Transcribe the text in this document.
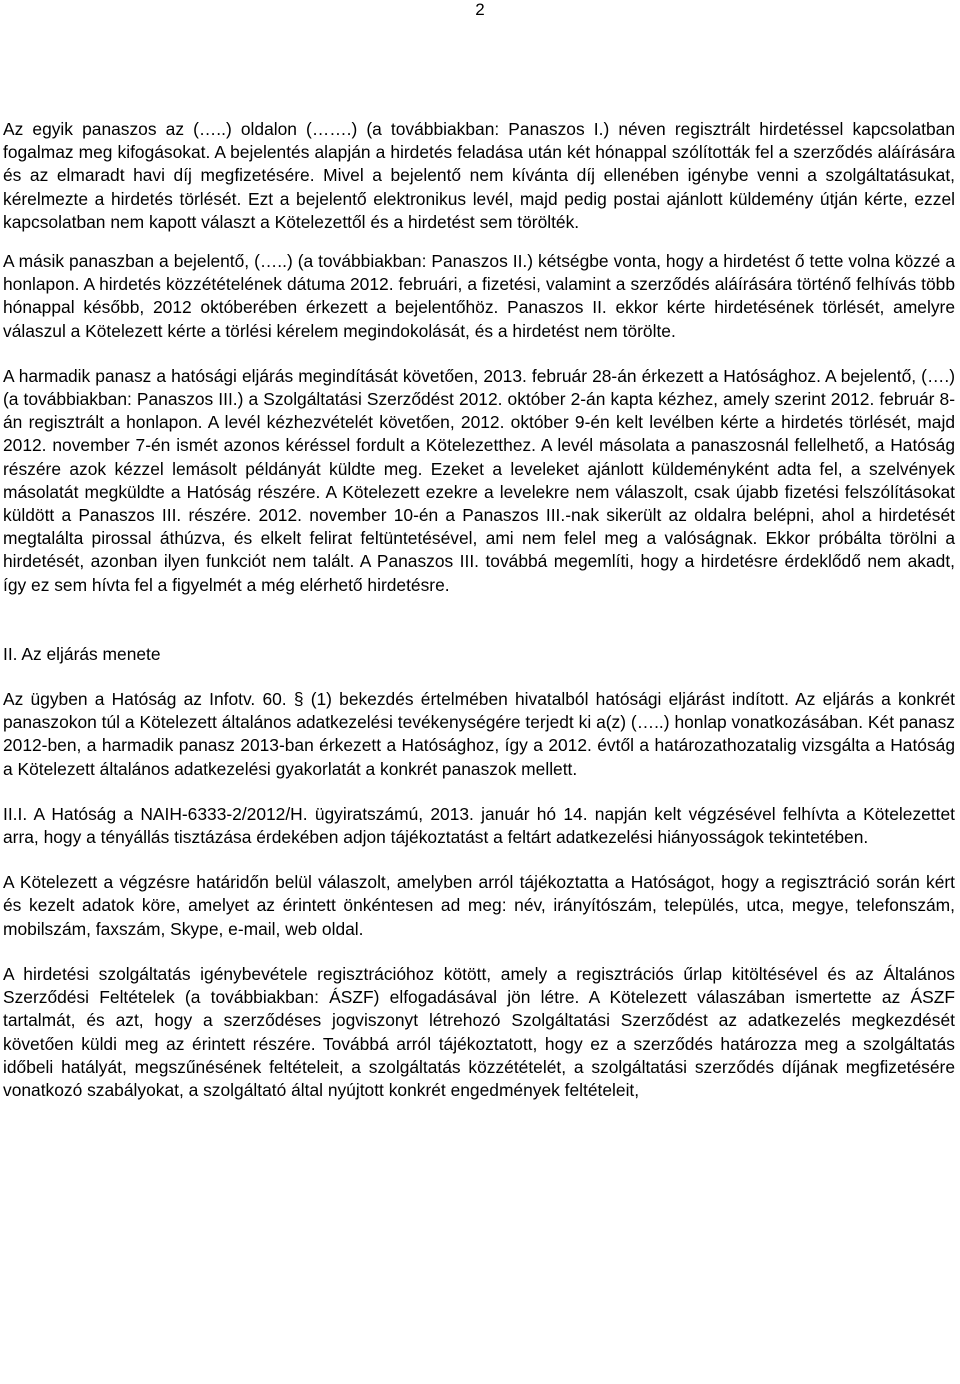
2

Az egyik panaszos az (…..) oldalon (…….) (a továbbiakban: Panaszos I.) néven regisztrált hirdetéssel kapcsolatban fogalmaz meg kifogásokat. A bejelentés alapján a hirdetés feladása után két hónappal szólították fel a szerződés aláírására és az elmaradt havi díj megfizetésére. Mivel a bejelentő nem kívánta díj ellenében igénybe venni a szolgáltatásukat, kérelmezte a hirdetés törlését. Ezt a bejelentő elektronikus levél, majd pedig postai ajánlott küldemény útján kérte, ezzel kapcsolatban nem kapott választ a Kötelezettől és a hirdetést sem törölték.

A másik panaszban a bejelentő, (…..) (a továbbiakban: Panaszos II.) kétségbe vonta, hogy a hirdetést ő tette volna közzé a honlapon. A hirdetés közzétételének dátuma 2012. februári, a fizetési, valamint a szerződés aláírására történő felhívás több hónappal később, 2012 októberében érkezett a bejelentőhöz. Panaszos II. ekkor kérte hirdetésének törlését, amelyre válaszul a Kötelezett kérte a törlési kérelem megindokolását, és a hirdetést nem törölte.

A harmadik panasz a hatósági eljárás megindítását követően, 2013. február 28-án érkezett a Hatósághoz. A bejelentő, (….) (a továbbiakban: Panaszos III.) a Szolgáltatási Szerződést 2012. október 2-án kapta kézhez, amely szerint 2012. február 8-án regisztrált a honlapon. A levél kézhezvételét követően, 2012. október 9-én kelt levélben kérte a hirdetés törlését, majd 2012. november 7-én ismét azonos kéréssel fordult a Kötelezetthez. A levél másolata a panaszosnál fellelhető, a Hatóság részére azok kézzel lemásolt példányát küldte meg. Ezeket a leveleket ajánlott küldeményként adta fel, a szelvények másolatát megküldte a Hatóság részére. A Kötelezett ezekre a levelekre nem válaszolt, csak újabb fizetési felszólításokat küldött a Panaszos III. részére. 2012. november 10-én a Panaszos III.-nak sikerült az oldalra belépni, ahol a hirdetését megtalálta pirossal áthúzva, és elkelt felirat feltüntetésével, ami nem felel meg a valóságnak. Ekkor próbálta törölni a hirdetését, azonban ilyen funkciót nem talált. A Panaszos III. továbbá megemlíti, hogy a hirdetésre érdeklődő nem akadt, így ez sem hívta fel a figyelmét a még elérhető hirdetésre.

II. Az eljárás menete

Az ügyben a Hatóság az Infotv. 60. § (1) bekezdés értelmében hivatalból hatósági eljárást indított. Az eljárás a konkrét panaszokon túl a Kötelezett általános adatkezelési tevékenységére terjedt ki a(z) (…..) honlap vonatkozásában. Két panasz 2012-ben, a harmadik panasz 2013-ban érkezett a Hatósághoz, így a 2012. évtől a határozathozatalig vizsgálta a Hatóság a Kötelezett általános adatkezelési gyakorlatát a konkrét panaszok mellett.

II.I. A Hatóság a NAIH-6333-2/2012/H. ügyiratszámú, 2013. január hó 14. napján kelt végzésével felhívta a Kötelezettet arra, hogy a tényállás tisztázása érdekében adjon tájékoztatást a feltárt adatkezelési hiányosságok tekintetében.

A Kötelezett a végzésre határidőn belül válaszolt, amelyben arról tájékoztatta a Hatóságot, hogy a regisztráció során kért és kezelt adatok köre, amelyet az érintett önkéntesen ad meg: név, irányítószám, település, utca, megye, telefonszám, mobilszám, faxszám, Skype, e-mail, web oldal.

A hirdetési szolgáltatás igénybevétele regisztrációhoz kötött, amely a regisztrációs űrlap kitöltésével és az Általános Szerződési Feltételek (a továbbiakban: ÁSZF) elfogadásával jön létre. A Kötelezett válaszában ismertette az ÁSZF tartalmát, és azt, hogy a szerződéses jogviszonyt létrehozó Szolgáltatási Szerződést az adatkezelés megkezdését követően küldi meg az érintett részére. Továbbá arról tájékoztatott, hogy ez a szerződés határozza meg a szolgáltatás időbeli hatályát, megszűnésének feltételeit, a szolgáltatás közzétételét, a szolgáltatási szerződés díjának megfizetésére vonatkozó szabályokat, a szolgáltató által nyújtott konkrét engedmények feltételeit,
